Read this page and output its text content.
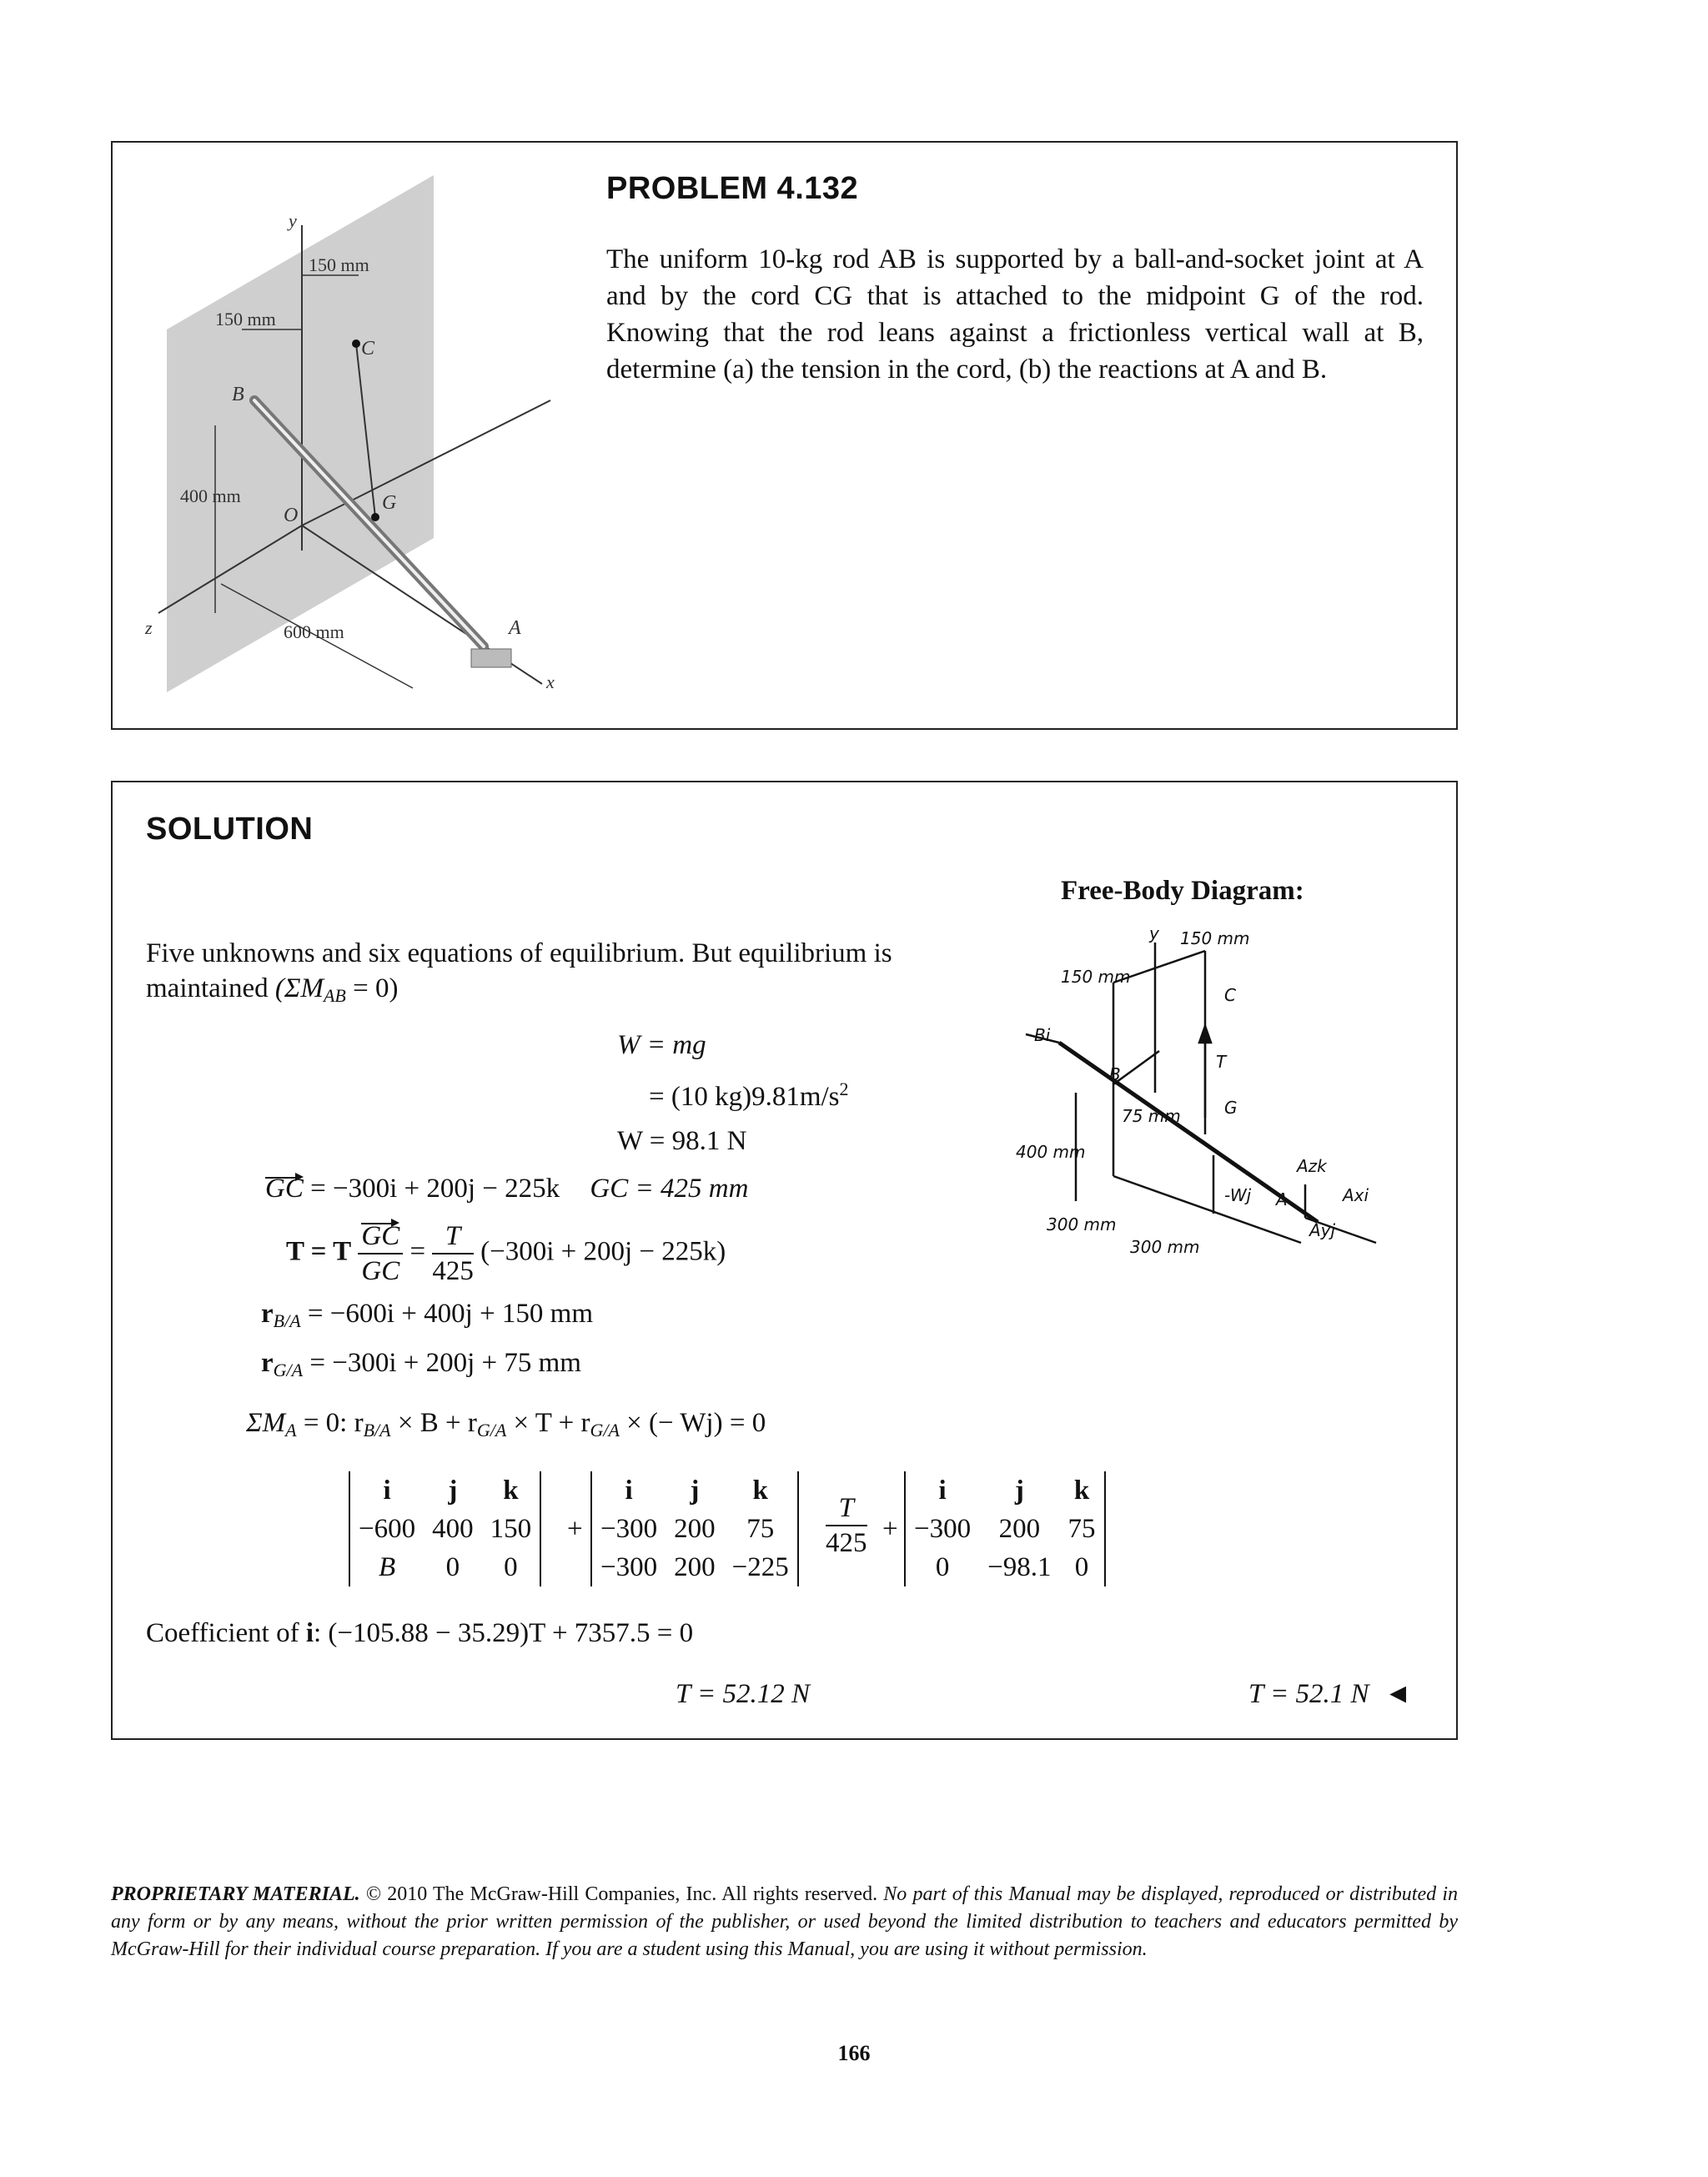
y
x
z
O
150 mm
150 mm
400 mm
600 mm
C
G
B
A
PROBLEM 4.132
The uniform 10-kg rod AB is supported by a ball-and-socket joint at A and by the cord CG that is attached to the midpoint G of the rod. Knowing that the rod leans against a frictionless vertical wall at B, determine (a) the tension in the cord, (b) the reactions at A and B.
SOLUTION
Free-Body Diagram:
y 150 mm
150 mm
C
Bi
B
T
75 mm	G
400 mm
Azk
Axi
-Wj A
300 mm	Ayj
300 mm
Five unknowns and six equations of equilibrium. But equilibrium is
maintained $(\Sigma M_{AB} = 0)$
W = mg
= (10 $kg)9.81m/s^2$
W = 98.1 N
GC = −300i + 200j − 225k GC = 425 mm
T = T $\frac{GC}{GC} = \frac{T}{425} (-300i + 200j - 225k)$
$r_{B/A} = -600i + 400j + 150$ mm
$r_{G/A} = -300i + 200j + 75$ mm
$\Sigma M_A = 0$: $r_{B/A} \times B + r_{G/A} \times T + r_{G/A}$ × (− Wj) = 0
i	j	k
−600	400	150
B	0	0
+
i	j	k
−300	200	75
−300	200	−225
$\frac{T}{425}$ +
i	j	k
−300	200	75
0	−98.1	0
Coefficient of i: (−105.88 − 35.29)T + 7357.5 = 0
T = 52.12 N	T = 52.1 N ◄
PROPRIETARY MATERIAL. © 2010 The McGraw-Hill Companies, Inc. All rights reserved. No part of this Manual may be displayed, reproduced or distributed in any form or by any means, without the prior written permission of the publisher, or used beyond the limited distribution to teachers and educators permitted by McGraw-Hill for their individual course preparation. If you are a student using this Manual, you are using it without permission.
166
